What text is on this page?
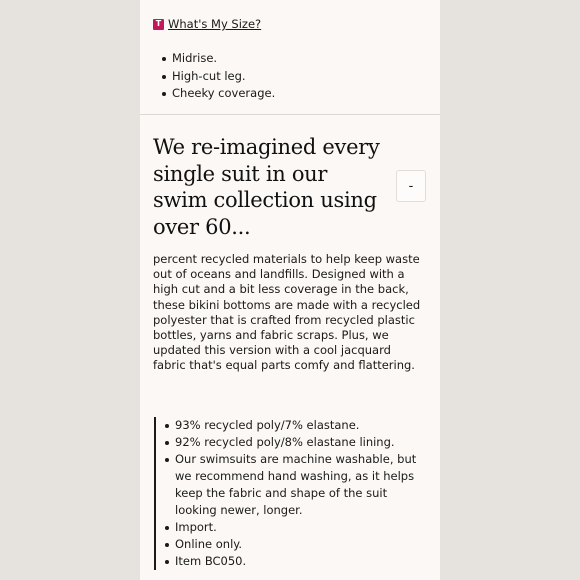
T What's My Size?
Midrise.
High-cut leg.
Cheeky coverage.
We re-imagined every single suit in our swim collection using over 60...
-

percent recycled materials to help keep waste out of oceans and landfills. Designed with a high cut and a bit less coverage in the back, these bikini bottoms are made with a recycled polyester that is crafted from recycled plastic bottles, yarns and fabric scraps. Plus, we updated this version with a cool jacquard fabric that's equal parts comfy and flattering.

93% recycled poly/7% elastane.
92% recycled poly/8% elastane lining.
Our swimsuits are machine washable, but we recommend hand washing, as it helps keep the fabric and shape of the suit looking newer, longer.
Import.
Online only.
Item BC050.
